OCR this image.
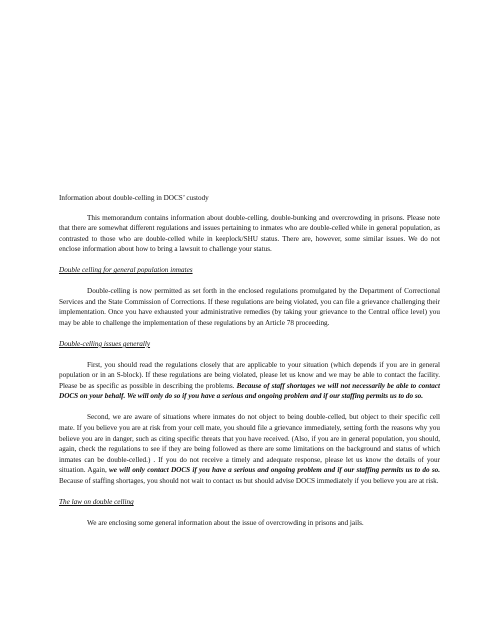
Information about double-celling in DOCS’ custody

This memorandum contains information about double-celling, double-bunking and overcrowding in prisons. Please note that there are somewhat different regulations and issues pertaining to inmates who are double-celled while in general population, as contrasted to those who are double-celled while in keeplock/SHU status. There are, however, some similar issues. We do not enclose information about how to bring a lawsuit to challenge your status.

Double celling for general population inmates

Double-celling is now permitted as set forth in the enclosed regulations promulgated by the Department of Correctional Services and the State Commission of Corrections. If these regulations are being violated, you can file a grievance challenging their implementation. Once you have exhausted your administrative remedies (by taking your grievance to the Central office level) you may be able to challenge the implementation of these regulations by an Article 78 proceeding.

Double-celling issues generally

First, you should read the regulations closely that are applicable to your situation (which depends if you are in general population or in an S-block). If these regulations are being violated, please let us know and we may be able to contact the facility. Please be as specific as possible in describing the problems. Because of staff shortages we will not necessarily be able to contact DOCS on your behalf. We will only do so if you have a serious and ongoing problem and if our staffing permits us to do so.

Second, we are aware of situations where inmates do not object to being double-celled, but object to their specific cell mate. If you believe you are at risk from your cell mate, you should file a grievance immediately, setting forth the reasons why you believe you are in danger, such as citing specific threats that you have received. (Also, if you are in general population, you should, again, check the regulations to see if they are being followed as there are some limitations on the background and status of which inmates can be double-celled.) . If you do not receive a timely and adequate response, please let us know the details of your situation. Again, we will only contact DOCS if you have a serious and ongoing problem and if our staffing permits us to do so. Because of staffing shortages, you should not wait to contact us but should advise DOCS immediately if you believe you are at risk.

The law on double celling

We are enclosing some general information about the issue of overcrowding in prisons and jails.
